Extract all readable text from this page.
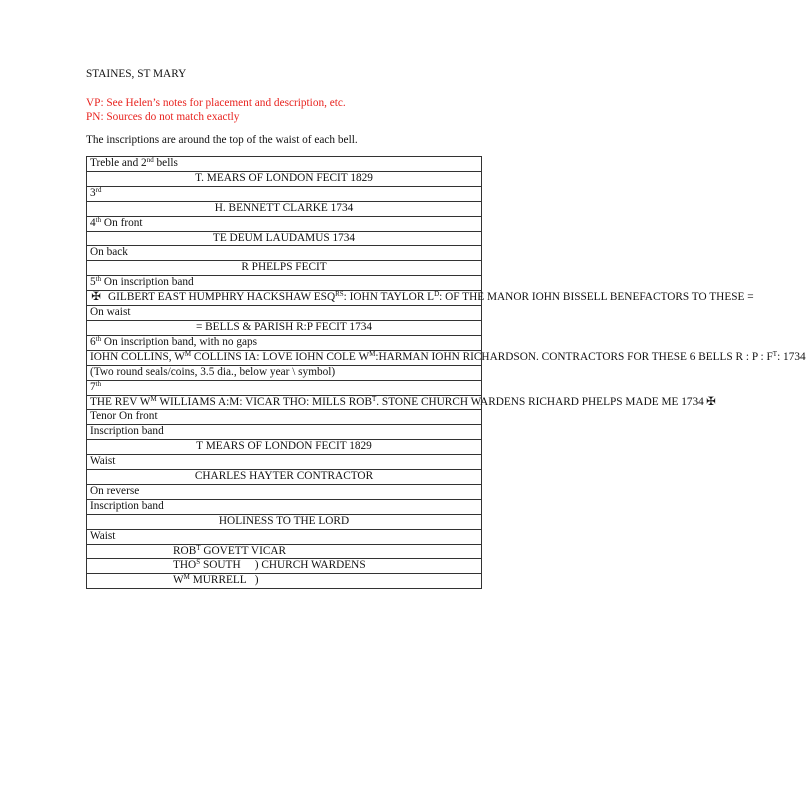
STAINES, ST MARY
VP: See Helen’s notes for placement and description, etc.
PN: Sources do not match exactly
The inscriptions are around the top of the waist of each bell.
Treble and 2nd bells
T. MEARS OF LONDON FECIT 1829
3rd
H. BENNETT CLARKE 1734
4th On front
TE DEUM LAUDAMUS 1734
On back
R PHELPS FECIT
5th On inscription band
✠ GILBERT EAST HUMPHRY HACKSHAW $ESQ^{RS}$: IOHN TAYLOR $L^D$: OF THE MANOR IOHN BISSELL BENEFACTORS TO THESE =
On waist
= BELLS & PARISH R:P FECIT 1734
6th On inscription band, with no gaps
IOHN COLLINS, $W^M$ COLLINS IA: LOVE IOHN COLE $W^M:HARMAN$ IOHN RICHARDSON. CONTRACTORS FOR THESE 6 BELLS R : P : $F^T$: 1734
(Two round seals/coins, 3.5 dia., below year \ symbol)
7th
THE REV $W^M$ WILLIAMS A:M: VICAR THO: MILLS $ROB^T$. STONE CHURCH WARDENS RICHARD PHELPS MADE ME 1734 ✠
Tenor On front
Inscription band
T MEARS OF LONDON FECIT 1829
Waist
CHARLES HAYTER CONTRACTOR
On reverse
Inscription band
HOLINESS TO THE LORD
Waist
$ROB^T$ GOVETT VICAR
$THO^S$ SOUTH     ) CHURCH WARDENS
$W^M$ MURRELL   )
